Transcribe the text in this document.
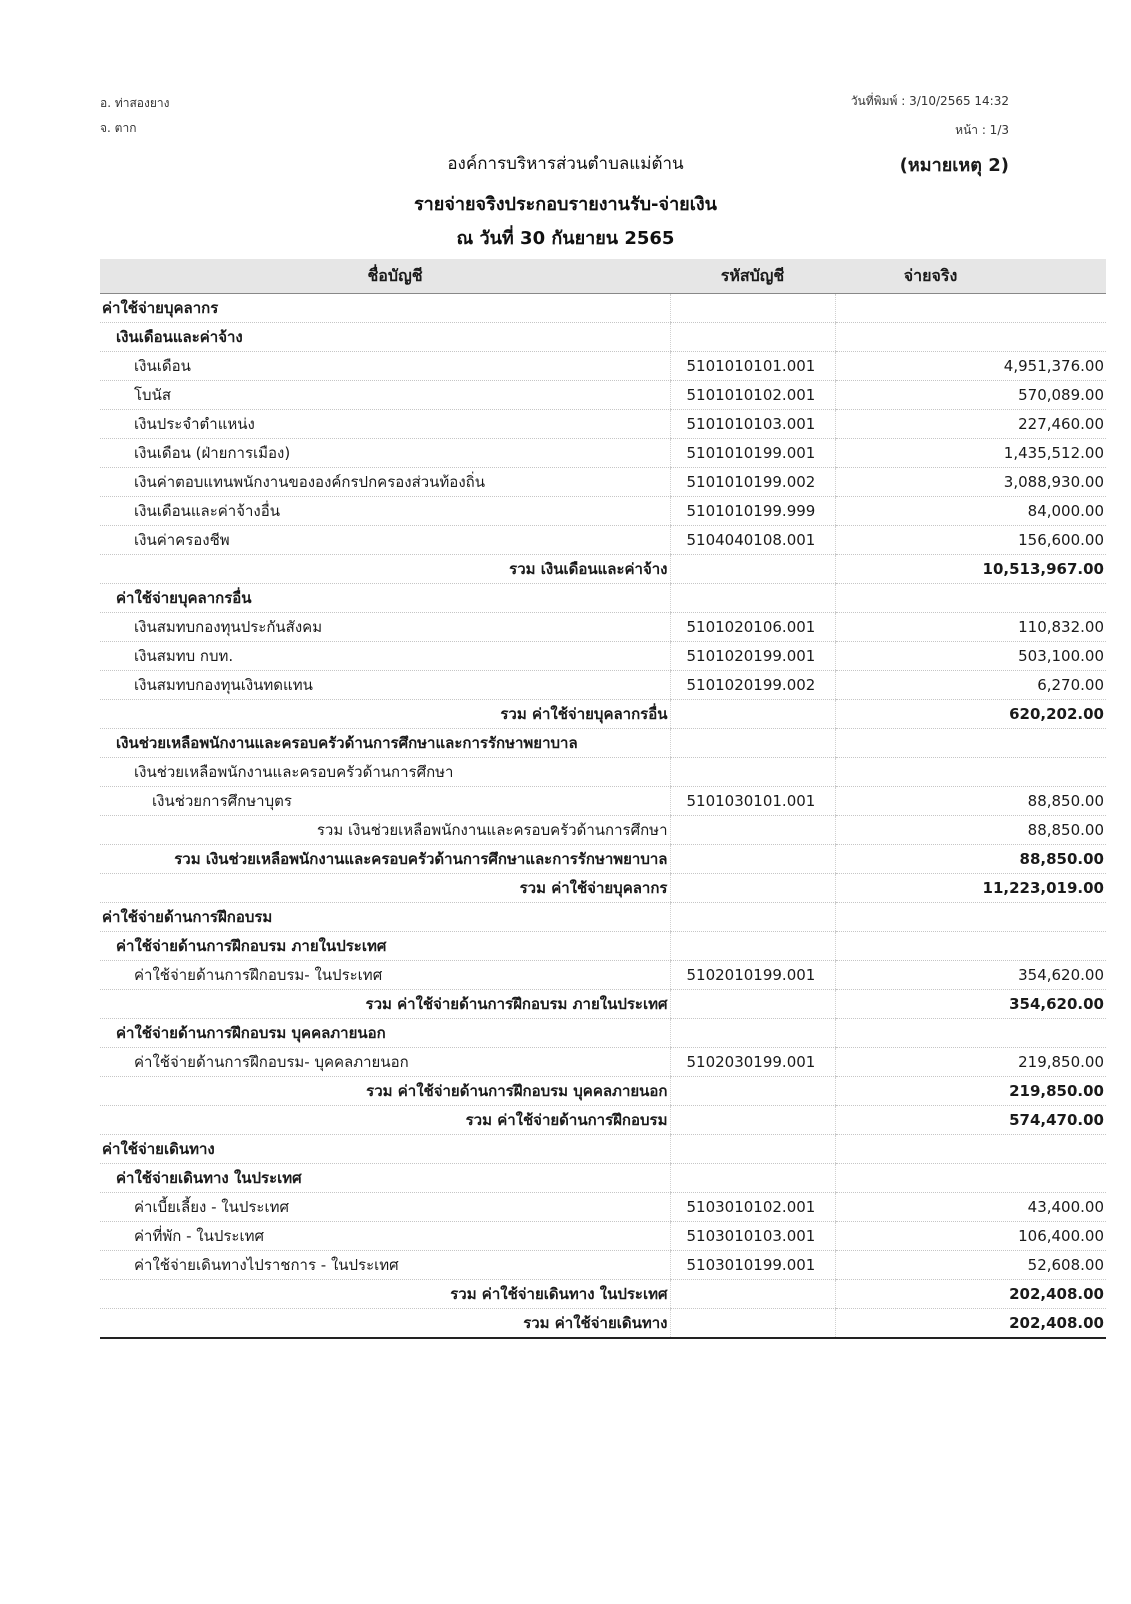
อ. ท่าสองยาง
จ. ตาก
วันที่พิมพ์ : 3/10/2565 14:32
หน้า : 1/3
องค์การบริหารส่วนตำบลแม่ต้าน	(หมายเหตุ 2)
รายจ่ายจริงประกอบรายงานรับ-จ่ายเงิน
ณ วันที่ 30 กันยายน 2565
ชื่อบัญชี	รหัสบัญชี	จ่ายจริง
ค่าใช้จ่ายบุคลากร		
เงินเดือนและค่าจ้าง		
เงินเดือน	5101010101.001	4,951,376.00
โบนัส	5101010102.001	570,089.00
เงินประจำตำแหน่ง	5101010103.001	227,460.00
เงินเดือน (ฝ่ายการเมือง)	5101010199.001	1,435,512.00
เงินค่าตอบแทนพนักงานขององค์กรปกครองส่วนท้องถิ่น	5101010199.002	3,088,930.00
เงินเดือนและค่าจ้างอื่น	5101010199.999	84,000.00
เงินค่าครองชีพ	5104040108.001	156,600.00
รวม เงินเดือนและค่าจ้าง		10,513,967.00
ค่าใช้จ่ายบุคลากรอื่น		
เงินสมทบกองทุนประกันสังคม	5101020106.001	110,832.00
เงินสมทบ กบท.	5101020199.001	503,100.00
เงินสมทบกองทุนเงินทดแทน	5101020199.002	6,270.00
รวม ค่าใช้จ่ายบุคลากรอื่น		620,202.00
เงินช่วยเหลือพนักงานและครอบครัวด้านการศึกษาและการรักษาพยาบาล		
เงินช่วยเหลือพนักงานและครอบครัวด้านการศึกษา		
เงินช่วยการศึกษาบุตร	5101030101.001	88,850.00
รวม เงินช่วยเหลือพนักงานและครอบครัวด้านการศึกษา		88,850.00
รวม เงินช่วยเหลือพนักงานและครอบครัวด้านการศึกษาและการรักษาพยาบาล		88,850.00
รวม ค่าใช้จ่ายบุคลากร		11,223,019.00
ค่าใช้จ่ายด้านการฝึกอบรม		
ค่าใช้จ่ายด้านการฝึกอบรม ภายในประเทศ		
ค่าใช้จ่ายด้านการฝึกอบรม- ในประเทศ	5102010199.001	354,620.00
รวม ค่าใช้จ่ายด้านการฝึกอบรม ภายในประเทศ		354,620.00
ค่าใช้จ่ายด้านการฝึกอบรม บุคคลภายนอก		
ค่าใช้จ่ายด้านการฝึกอบรม- บุคคลภายนอก	5102030199.001	219,850.00
รวม ค่าใช้จ่ายด้านการฝึกอบรม บุคคลภายนอก		219,850.00
รวม ค่าใช้จ่ายด้านการฝึกอบรม		574,470.00
ค่าใช้จ่ายเดินทาง		
ค่าใช้จ่ายเดินทาง ในประเทศ		
ค่าเบี้ยเลี้ยง - ในประเทศ	5103010102.001	43,400.00
ค่าที่พัก - ในประเทศ	5103010103.001	106,400.00
ค่าใช้จ่ายเดินทางไปราชการ - ในประเทศ	5103010199.001	52,608.00
รวม ค่าใช้จ่ายเดินทาง ในประเทศ		202,408.00
รวม ค่าใช้จ่ายเดินทาง		202,408.00
